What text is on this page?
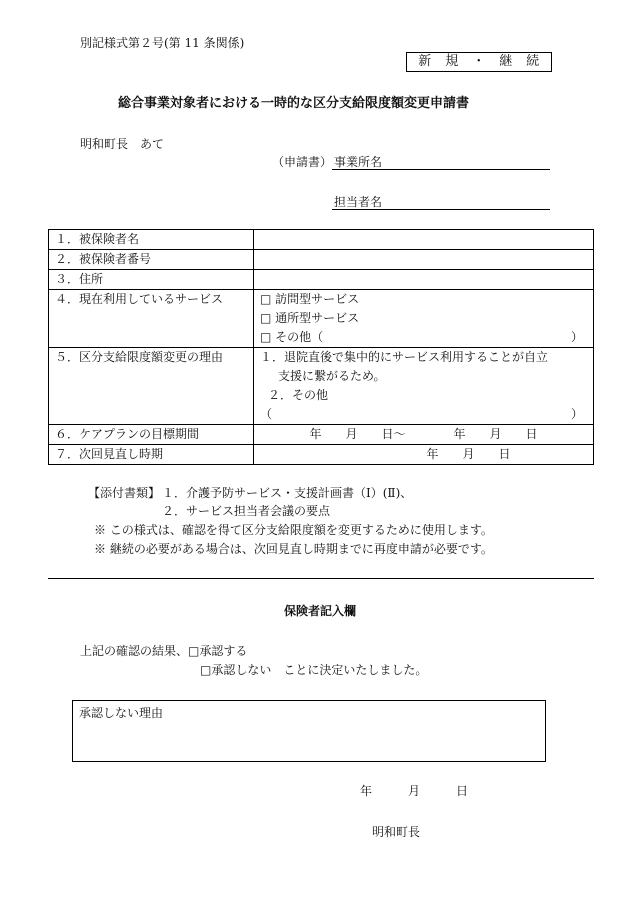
別記様式第２号(第 11 条関係)
新　規　・　継　続
総合事業対象者における一時的な区分支給限度額変更申請書
明和町長　あて
（申請書） 事業所名
担当者名
１．被保険者名	
２．被保険者番号	
３．住所	
４．現在利用しているサービス	□ 訪問型サービス
□ 通所型サービス
□ その他（ ）

５．区分支給限度額変更の理由	１．退院直後で集中的にサービス利用することが自立
支援に繋がるため。
２．その他
（ ）

６．ケアプランの目標期間	年　　月　　日～　　　　年　　月　　日
７．次回見直し時期	年　　月　　日
【添付書類】 １．介護予防サービス・支援計画書（Ⅰ）(Ⅱ)、
２．サービス担当者会議の要点
※ この様式は、確認を得て区分支給限度額を変更するために使用します。
※ 継続の必要がある場合は、次回見直し時期までに再度申請が必要です。
保険者記入欄
上記の確認の結果、□承認する
□承認しない　ことに決定いたしました。
承認しない理由
年　　　月　　　日
明和町長
